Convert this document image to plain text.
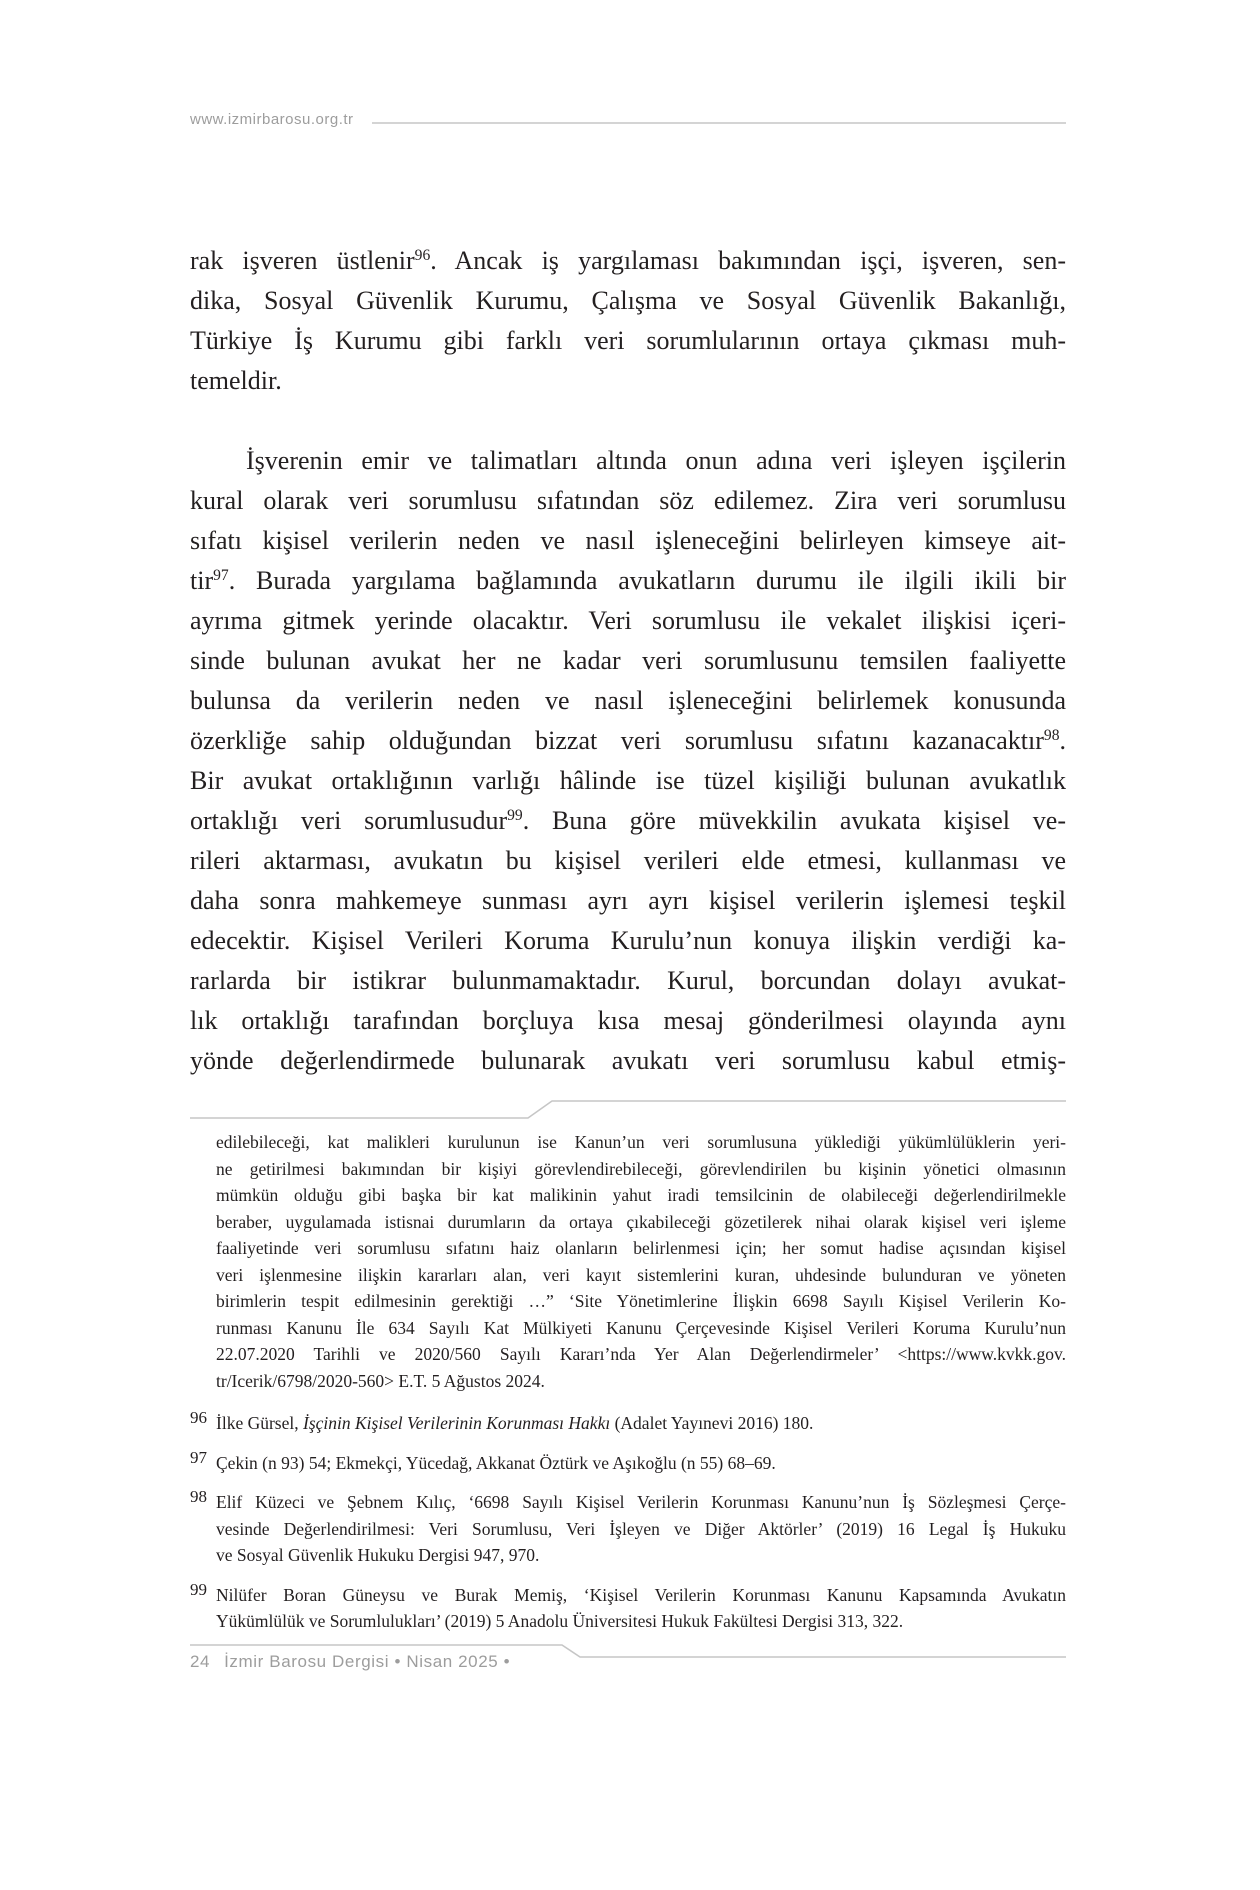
www.izmirbarosu.org.tr
rak işveren üstlenir$^{96}$. Ancak iş yargılaması bakımından işçi, işveren, sen-
dika, Sosyal Güvenlik Kurumu, Çalışma ve Sosyal Güvenlik Bakanlığı,
Türkiye İş Kurumu gibi farklı veri sorumlularının ortaya çıkması muh-
temeldir.
İşverenin emir ve talimatları altında onun adına veri işleyen işçilerin
kural olarak veri sorumlusu sıfatından söz edilemez. Zira veri sorumlusu
sıfatı kişisel verilerin neden ve nasıl işleneceğini belirleyen kimseye ait-
tir$^{97}$. Burada yargılama bağlamında avukatların durumu ile ilgili ikili bir
ayrıma gitmek yerinde olacaktır. Veri sorumlusu ile vekalet ilişkisi içeri-
sinde bulunan avukat her ne kadar veri sorumlusunu temsilen faaliyette
bulunsa da verilerin neden ve nasıl işleneceğini belirlemek konusunda
özerkliğe sahip olduğundan bizzat veri sorumlusu sıfatını kazanacaktır$^{98}$.
Bir avukat ortaklığının varlığı hâlinde ise tüzel kişiliği bulunan avukatlık
ortaklığı veri sorumlusudur$^{99}$. Buna göre müvekkilin avukata kişisel ve-
rileri aktarması, avukatın bu kişisel verileri elde etmesi, kullanması ve
daha sonra mahkemeye sunması ayrı ayrı kişisel verilerin işlemesi teşkil
edecektir. Kişisel Verileri Koruma Kurulu’nun konuya ilişkin verdiği ka-
rarlarda bir istikrar bulunmamaktadır. Kurul, borcundan dolayı avukat-
lık ortaklığı tarafından borçluya kısa mesaj gönderilmesi olayında aynı
yönde değerlendirmede bulunarak avukatı veri sorumlusu kabul etmiş-
edilebileceği, kat malikleri kurulunun ise Kanun’un veri sorumlusuna yüklediği yükümlülüklerin yeri-
ne getirilmesi bakımından bir kişiyi görevlendirebileceği, görevlendirilen bu kişinin yönetici olmasının
mümkün olduğu gibi başka bir kat malikinin yahut iradi temsilcinin de olabileceği değerlendirilmekle
beraber, uygulamada istisnai durumların da ortaya çıkabileceği gözetilerek nihai olarak kişisel veri işleme
faaliyetinde veri sorumlusu sıfatını haiz olanların belirlenmesi için; her somut hadise açısından kişisel
veri işlenmesine ilişkin kararları alan, veri kayıt sistemlerini kuran, uhdesinde bulunduran ve yöneten
birimlerin tespit edilmesinin gerektiği …” ‘Site Yönetimlerine İlişkin 6698 Sayılı Kişisel Verilerin Ko-
runması Kanunu İle 634 Sayılı Kat Mülkiyeti Kanunu Çerçevesinde Kişisel Verileri Koruma Kurulu’nun
22.07.2020 Tarihli ve 2020/560 Sayılı Kararı’nda Yer Alan Değerlendirmeler’ <https://www.kvkk.gov.
tr/Icerik/6798/2020-560> E.T. 5 Ağustos 2024.
96 İlke Gürsel, İşçinin Kişisel Verilerinin Korunması Hakkı (Adalet Yayınevi 2016) 180.
97 Çekin (n 93) 54; Ekmekçi, Yücedağ, Akkanat Öztürk ve Aşıkoğlu (n 55) 68–69.
98 Elif Küzeci ve Şebnem Kılıç, ‘6698 Sayılı Kişisel Verilerin Korunması Kanunu’nun İş Sözleşmesi Çerçe-
vesinde Değerlendirilmesi: Veri Sorumlusu, Veri İşleyen ve Diğer Aktörler’ (2019) 16 Legal İş Hukuku
ve Sosyal Güvenlik Hukuku Dergisi 947, 970.
99 Nilüfer Boran Güneysu ve Burak Memiş, ‘Kişisel Verilerin Korunması Kanunu Kapsamında Avukatın
Yükümlülük ve Sorumlulukları’ (2019) 5 Anadolu Üniversitesi Hukuk Fakültesi Dergisi 313, 322.
24 İzmir Barosu Dergisi • Nisan 2025 •
